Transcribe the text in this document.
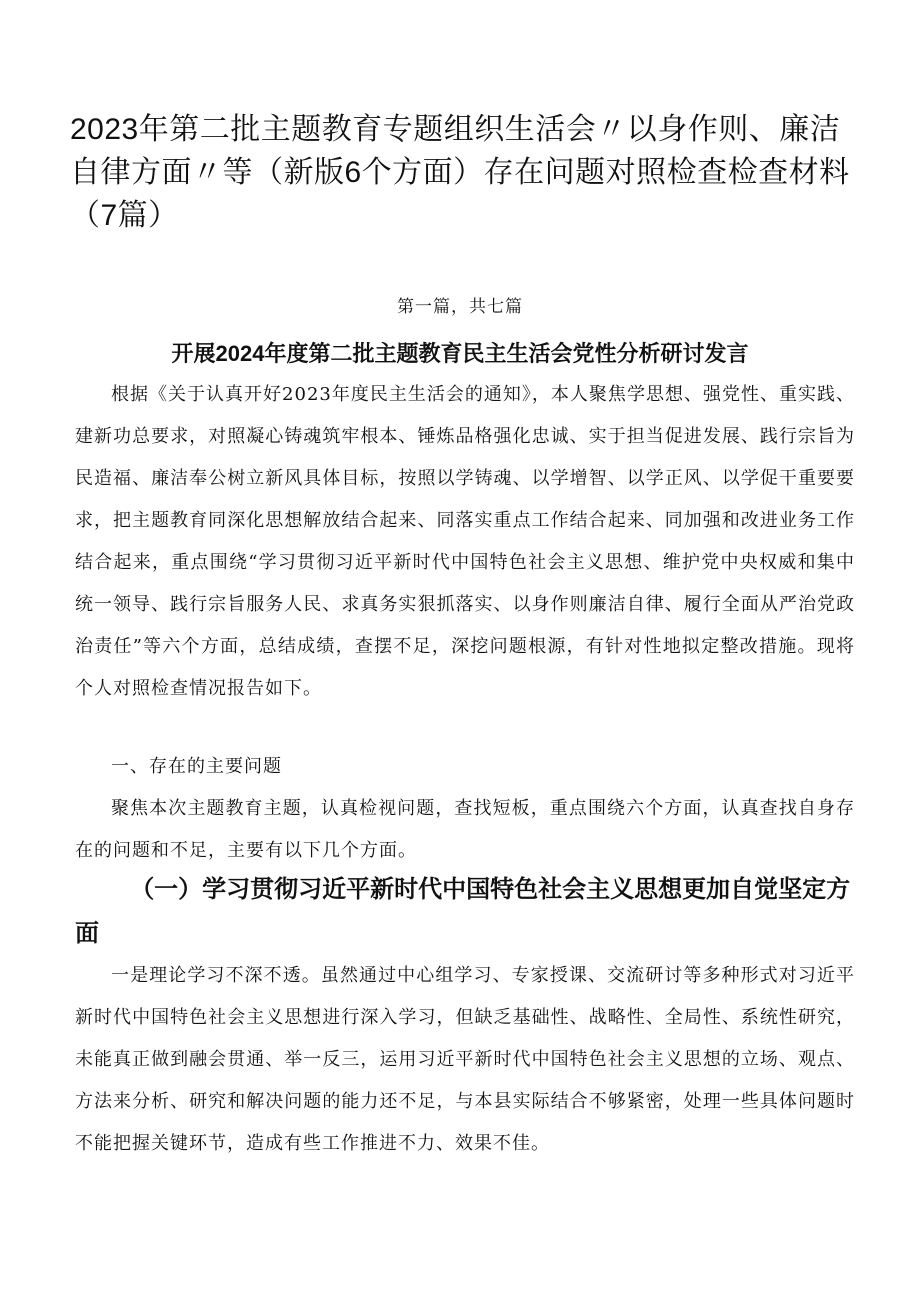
2023年第二批主题教育专题组织生活会〃以身作则、廉洁自律方面〃等（新版6个方面）存在问题对照检查检查材料（7篇）
第一篇，共七篇
开展2024年度第二批主题教育民主生活会党性分析研讨发言

根据《关于认真开好2023年度民主生活会的通知》，本人聚焦学思想、强党性、重实践、建新功总要求，对照凝心铸魂筑牢根本、锤炼品格强化忠诚、实于担当促进发展、践行宗旨为民造福、廉洁奉公树立新风具体目标，按照以学铸魂、以学增智、以学正风、以学促干重要要求，把主题教育同深化思想解放结合起来、同落实重点工作结合起来、同加强和改进业务工作结合起来，重点围绕“学习贯彻习近平新时代中国特色社会主义思想、维护党中央权威和集中统一领导、践行宗旨服务人民、求真务实狠抓落实、以身作则廉洁自律、履行全面从严治党政治责任”等六个方面，总结成绩，查摆不足，深挖问题根源，有针对性地拟定整改措施。现将个人对照检查情况报告如下。

一、存在的主要问题

聚焦本次主题教育主题，认真检视问题，查找短板，重点围绕六个方面，认真查找自身存在的问题和不足，主要有以下几个方面。

（一）学习贯彻习近平新时代中国特色社会主义思想更加自觉坚定方面

一是理论学习不深不透。虽然通过中心组学习、专家授课、交流研讨等多种形式对习近平新时代中国特色社会主义思想进行深入学习，但缺乏基础性、战略性、全局性、系统性研究，未能真正做到融会贯通、举一反三，运用习近平新时代中国特色社会主义思想的立场、观点、方法来分析、研究和解决问题的能力还不足，与本县实际结合不够紧密，处理一些具体问题时不能把握关键环节，造成有些工作推进不力、效果不佳。
